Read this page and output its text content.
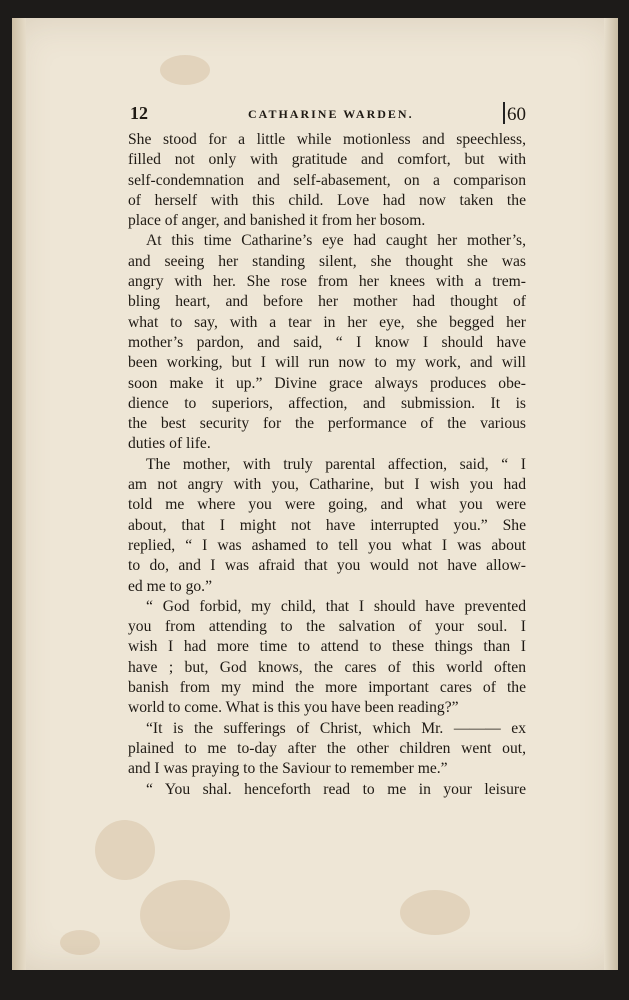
12	CATHARINE WARDEN.	60

She stood for a little while motionless and speechless,

filled not only with gratitude and comfort, but with

self-condemnation and self-abasement, on a comparison

of herself with this child. Love had now taken the

place of anger, and banished it from her bosom.

At this time Catharine’s eye had caught her mother’s,

and seeing her standing silent, she thought she was

angry with her. She rose from her knees with a trem-

bling heart, and before her mother had thought of

what to say, with a tear in her eye, she begged her

mother’s pardon, and said, “ I know I should have

been working, but I will run now to my work, and will

soon make it up.” Divine grace always produces obe-

dience to superiors, affection, and submission. It is

the best security for the performance of the various

duties of life.

The mother, with truly parental affection, said, “ I

am not angry with you, Catharine, but I wish you had

told me where you were going, and what you were

about, that I might not have interrupted you.” She

replied, “ I was ashamed to tell you what I was about

to do, and I was afraid that you would not have allow-

ed me to go.”

“ God forbid, my child, that I should have prevented

you from attending to the salvation of your soul. I

wish I had more time to attend to these things than I

have ; but, God knows, the cares of this world often

banish from my mind the more important cares of the

world to come. What is this you have been reading?”

“It is the sufferings of Christ, which Mr. ——— ex

plained to me to-day after the other children went out,

and I was praying to the Saviour to remember me.”

“ You shal. henceforth read to me in your leisure
